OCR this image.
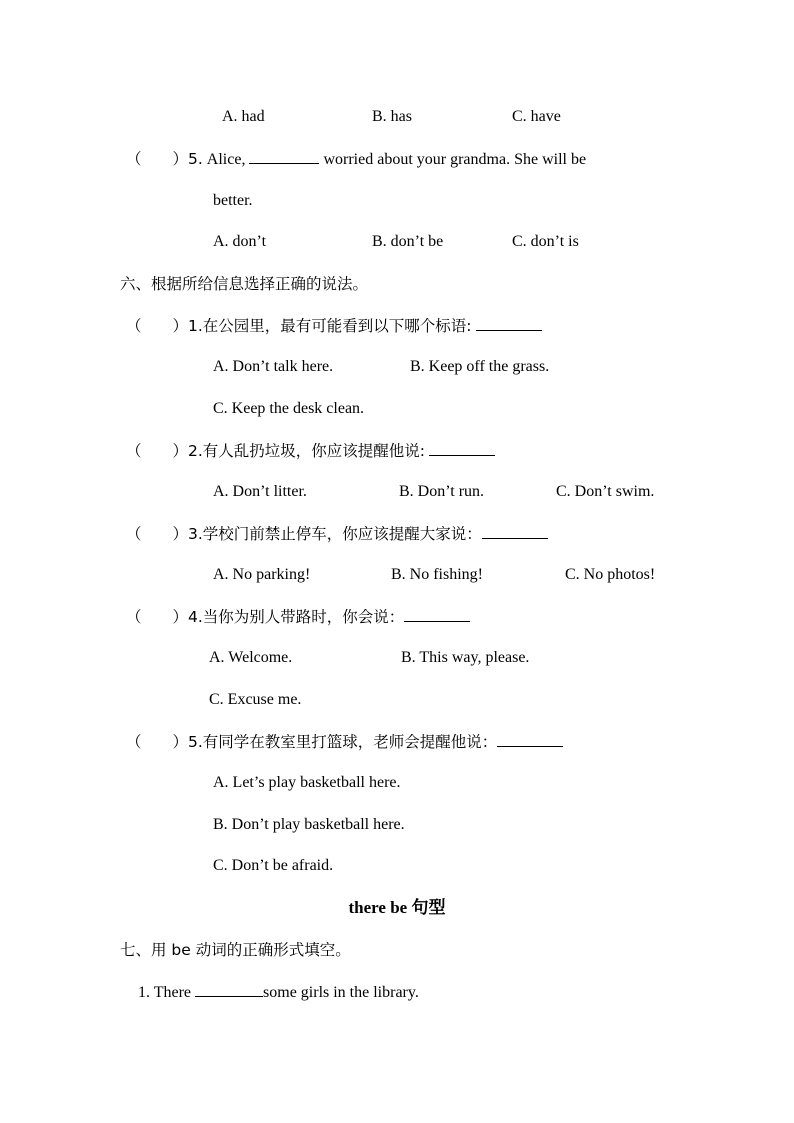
A. had	B. has	C. have
（　　）5. Alice,	worried about your grandma. She will be
better.
A. don’t	B. don’t be	C. don’t is
六、根据所给信息选择正确的说法。
（　　）1.在公园里，最有可能看到以下哪个标语:
A. Don’t talk here.	B. Keep off the grass.
C. Keep the desk clean.
（　　）2.有人乱扔垃圾，你应该提醒他说:
A. Don’t litter.	B. Don’t run.	C. Don’t swim.
（　　）3.学校门前禁止停车，你应该提醒大家说：
A. No parking!	B. No fishing!	C. No photos!
（　　）4.当你为别人带路时，你会说：
A. Welcome.	B. This way, please.
C. Excuse me.
（　　）5.有同学在教室里打篮球，老师会提醒他说：
A. Let’s play basketball here.
B. Don’t play basketball here.
C. Don’t be afraid.
there be 句型
七、用 be 动词的正确形式填空。
1. There	some girls in the library.
